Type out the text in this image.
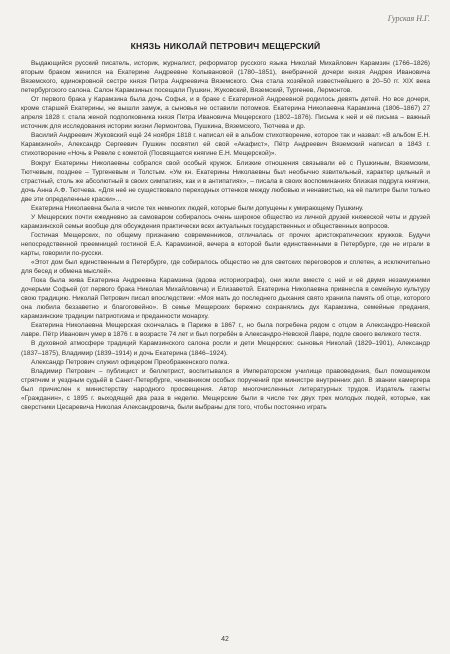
Гурская Н.Г.
КНЯЗЬ НИКОЛАЙ ПЕТРОВИЧ МЕЩЕРСКИЙ

Выдающийся русский писатель, историк, журналист, реформатор русского языка Николай Михайлович Карамзин (1766–1826) вторым браком женился на Екатерине Андреевне Колывановой (1780–1851), внебрачной дочери князя Андрея Ивановича Вяземского, единокровной сестре князя Петра Андреевича Вяземского. Она стала хозяйкой известнейшего в 20–50 гг. XIX века петербургского салона. Салон Карамзиных посещали Пушкин, Жуковский, Вяземский, Тургенев, Лермонтов.

От первого брака у Карамзина была дочь Софья, и в браке с Екатериной Андреевной родилось девять детей. Но все дочери, кроме старшей Екатерины, не вышли замуж, а сыновья не оставили потомков. Екатерина Николаевна Карамзина (1806–1867) 27 апреля 1828 г. стала женой подполковника князя Петра Ивановича Мещерского (1802–1876). Письма к ней и её письма – важный источник для исследования истории жизни Лермонтова, Пушкина, Вяземского, Тютчева и др.

Василий Андреевич Жуковский ещё 24 ноября 1818 г. написал ей в альбом стихотворение, которое так и назвал: «В альбом Е.Н. Карамзиной», Александр Сергеевич Пушкин посвятил ей свой «Акафист», Пётр Андреевич Вяземский написал в 1843 г. стихотворение «Ночь в Ревеле с кометой (Посвящается княгине Е.Н. Мещерской)».

Вокруг Екатерины Николаевны собрался свой особый кружок. Близкие отношения связывали её с Пушкиным, Вяземским, Тютчевым, позднее – Тургеневым и Толстым. «Ум кн. Екатерины Николаевны был необычно язвительный, характер цельный и страстный, столь же абсолютный в своих симпатиях, как и в антипатиях», – писала в своих воспоминаниях близкая подруга княгини, дочь Анна А.Ф. Тютчева. «Для неё не существовало переходных оттенков между любовью и ненавистью, на её палитре были только две эти определенные краски»…

Екатерина Николаевна была в числе тех немногих людей, которые были допущены к умирающему Пушкину.

У Мещерских почти ежедневно за самоваром собиралось очень широкое общество из личной друзей княжеской четы и друзей карамзинской семьи вообще для обсуждения практически всех актуальных государственных и общественных вопросов.

Гостиная Мещерских, по общему признанию современников, отличалась от прочих аристократических кружков. Будучи непосредственной преемницей гостиной Е.А. Карамзиной, вечера в которой были единственными в Петербурге, где не играли в карты, говорили по-русски.

«Этот дом был единственным в Петербурге, где собиралось общество не для светских переговоров и сплетен, а исключительно для бесед и обмена мыслей».

Пока была жива Екатерина Андреевна Карамзина (вдова историографа), они жили вместе с ней и её двумя незамужними дочерьми Софьей (от первого брака Николая Михайловича) и Елизаветой. Екатерина Николаевна привнесла в семейную культуру свою традицию. Николай Петрович писал впоследствии: «Моя мать до последнего дыхания свято хранила память об отце, которого она любила беззаветно и благоговейно». В семье Мещерских бережно сохранялись дух Карамзина, семейные предания, карамзинские традиции патриотизма и преданности монарху.

Екатерина Николаевна Мещерская скончалась в Париже в 1867 г., но была погребена рядом с отцом в Александро-Невской лавре. Пётр Иванович умер в 1876 г. в возрасте 74 лет и был погребён в Александро-Невской Лавре, подле своего великого тестя.

В духовной атмосфере традиций Карамзинского салона росли и дети Мещерских: сыновья Николай (1829–1901), Александр (1837–1875), Владимир (1839–1914) и дочь Екатерина (1846–1924).

Александр Петрович служил офицером Преображенского полка.

Владимир Петрович – публицист и беллетрист, воспитывался в Императорском училище правоведения, был помощником стряпчим и уездным судьёй в Санкт-Петербурге, чиновником особых поручений при министре внутренних дел. В звании камергера был причислен к министерству народного просвещения. Автор многочисленных литературных трудов. Издатель газеты «Гражданин», с 1895 г. выходящей два раза в неделю. Мещерские были в числе тех двух трех молодых людей, которые, как сверстники Цесаревича Николая Александровича, были выбраны для того, чтобы постоянно играть

42
